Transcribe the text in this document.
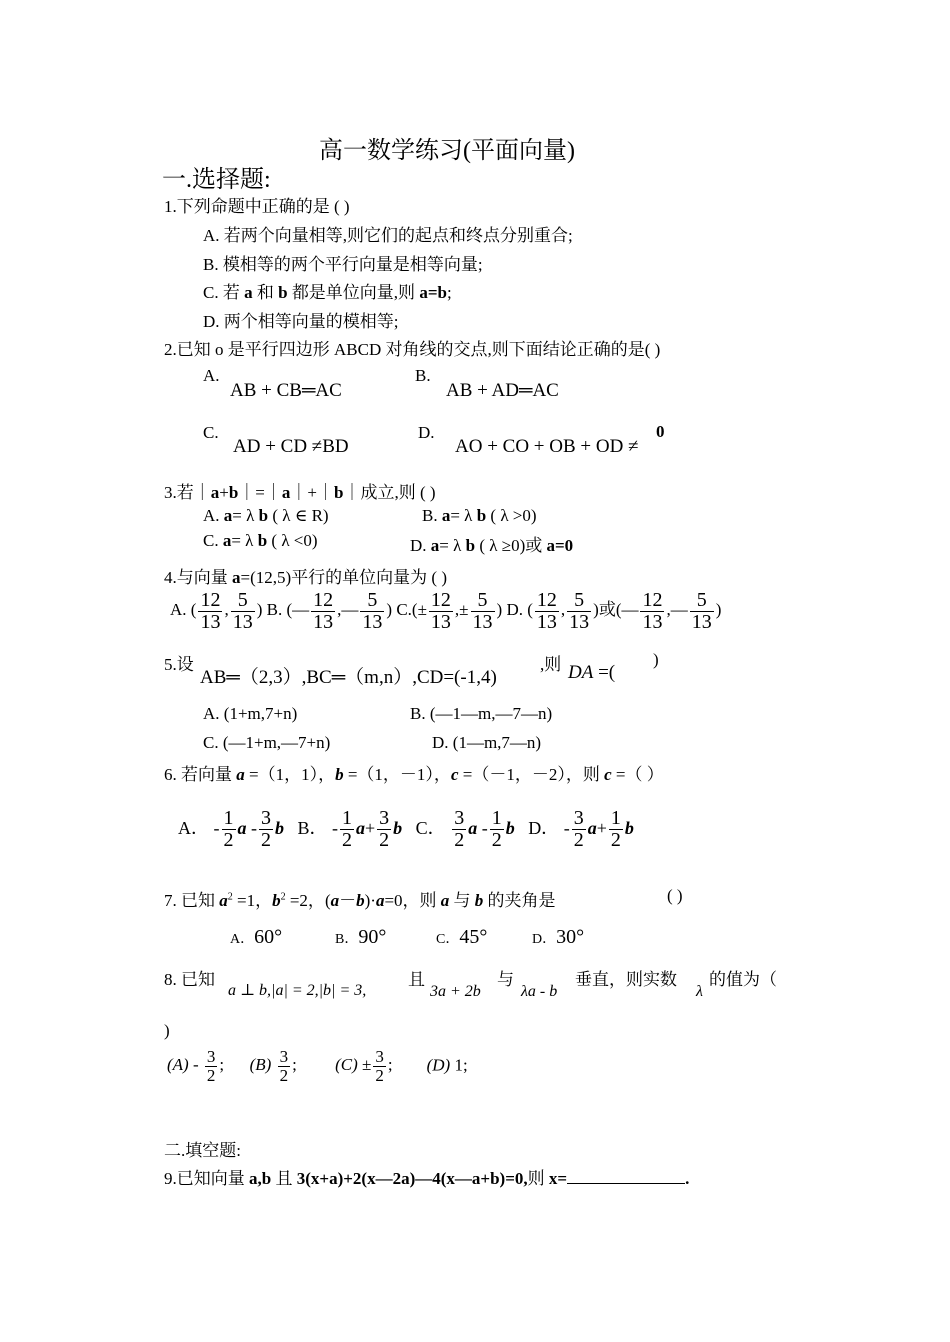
高一数学练习(平面向量)
一.选择题:
1.下列命题中正确的是 ( )
A. 若两个向量相等,则它们的起点和终点分别重合;
B. 模相等的两个平行向量是相等向量;
C. 若 a 和 b 都是单位向量,则 a=b;
D. 两个相等向量的模相等;
2.已知 o 是平行四边形 ABCD 对角线的交点,则下面结论正确的是( )
A.
AB + CB═AC
B.
AB + AD═AC
C.
AD + CD ≠BD
D.
AO + CO + OB + OD ≠
0
3.若｜a+b｜=｜a｜+｜b｜成立,则 ( )
A. a= λ b ( λ ∈ R)	B. a= λ b ( λ >0)
C. a= λ b ( λ <0)	D. a= λ b ( λ ≥0)或 a=0
4.与向量 a=(12,5)平行的单位向量为 ( )
A. ( $\frac{12}{13}$ , $\frac{5}{13}$ ) B. (— $\frac{12}{13}$ ,— $\frac{5}{13}$ ) $C.(\pm \frac{12}{13}$ ,± $\frac{5}{13}$ ) D. ( $\frac{12}{13}$ , $\frac{5}{13}$ )或(— $\frac{12}{13}$ ,— $\frac{5}{13}$ )
5.设
AB═（2,3）,BC═（m,n）,CD=(-1,4)
,则 DA =(
)
A. (1+m,7+n)	B. (—1—m,—7—n)
C. (—1+m,—7+n)	D. (1—m,7—n)
6. 若向量 a =（1，1），b =（1，－1），c =（－1，－2），则 c =（ ）
A． - $\frac{1}{2}$ a - $\frac{3}{2}$ b B． - $\frac{1}{2} a+ \frac{3}{2}$ b C． $\frac{3}{2}$ a - $\frac{1}{2}$ b D． - $\frac{3}{2} a+ \frac{1}{2}$ b
7. 已知 $a^2 =1$，$b^2 =2$，(a－b)·a=0，则 a 与 b 的夹角是	( )
A．60°	B．90°	C．45°	D．30°
8. 已知
a ⊥ b,|a| = 2,|b| = 3,
且
3a + 2b
与
λa - b
垂直，则实数
λ
的值为（
)
$(A) - \frac{3}{2}$ ; $(B) \frac{3}{2}$ ; $(C) \pm \frac{3}{2}$ ; (D) 1;
二.填空题:
9.已知向量 a,b 且 3(x+a)+2(x—2a)—4(x—a+b)=0,则 x=	.
